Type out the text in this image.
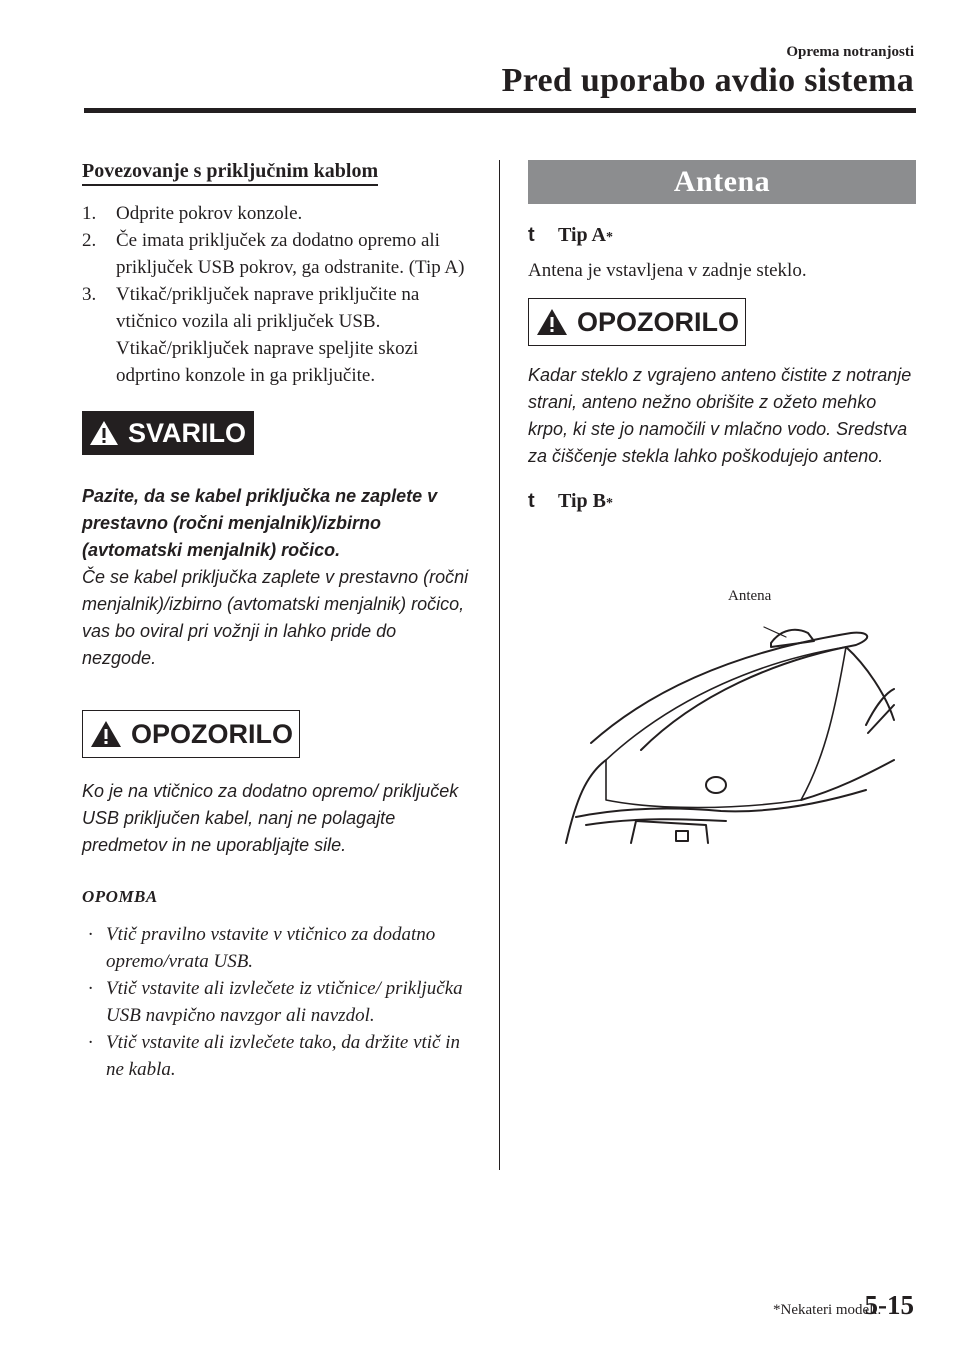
Oprema notranjosti
Pred uporabo avdio sistema
Povezovanje s priključnim kablom
1.	Odprite pokrov konzole.
2.	Če imata priključek za dodatno opremo ali priključek USB pokrov, ga odstranite. (Tip A)
3.	Vtikač/priključek naprave priključite na vtičnico vozila ali priključek USB. Vtikač/priključek naprave speljite skozi odprtino konzole in ga priključite.
SVARILO
Pazite, da se kabel priključka ne zaplete v prestavno (ročni menjalnik)/izbirno (avtomatski menjalnik) ročico.
Če se kabel priključka zaplete v prestavno (ročni menjalnik)/izbirno (avtomatski menjalnik) ročico, vas bo oviral pri vožnji in lahko pride do nezgode.
OPOZORILO
Ko je na vtičnico za dodatno opremo/ priključek USB priključen kabel, nanj ne polagajte predmetov in ne uporabljajte sile.
OPOMBA
· Vtič pravilno vstavite v vtičnico za dodatno opremo/vrata USB.
· Vtič vstavite ali izvlečete iz vtičnice/ priključka USB navpično navzgor ali navzdol.
· Vtič vstavite ali izvlečete tako, da držite vtič in ne kabla.
Antena
t	Tip A *
Antena je vstavljena v zadnje steklo.
OPOZORILO
Kadar steklo z vgrajeno anteno čistite z notranje strani, anteno nežno obrišite z ožeto mehko krpo, ki ste jo namočili v mlačno vodo. Sredstva za čiščenje stekla lahko poškodujejo anteno.
t	Tip B *
Antena
*Nekateri modeli.
5-15
